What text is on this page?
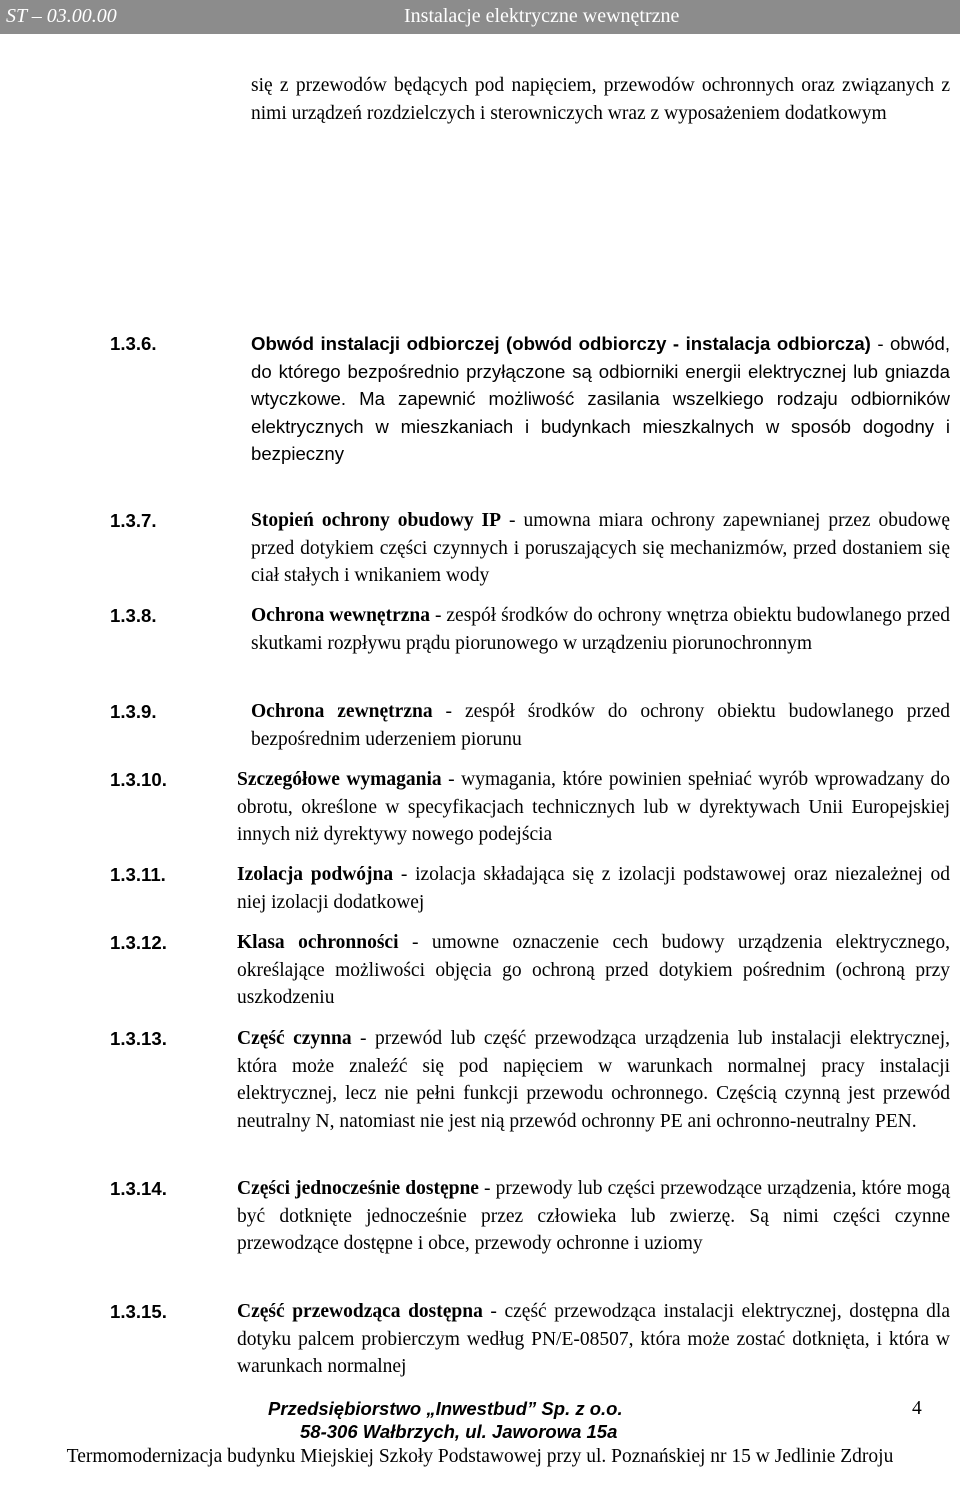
ST – 03.00.00	Instalacje elektryczne wewnętrzne
się z przewodów będących pod napięciem, przewodów ochronnych oraz związanych z nimi urządzeń rozdzielczych i sterowniczych wraz z wyposażeniem dodatkowym
1.3.6.	Obwód instalacji odbiorczej (obwód odbiorczy - instalacja odbiorcza) - obwód, do którego bezpośrednio przyłączone są odbiorniki energii elektrycznej lub gniazda wtyczkowe. Ma zapewnić możliwość zasilania wszelkiego rodzaju odbiorników elektrycznych w mieszkaniach i budynkach mieszkalnych w sposób dogodny i bezpieczny
1.3.7.	Stopień ochrony obudowy IP - umowna miara ochrony zapewnianej przez obudowę przed dotykiem części czynnych i poruszających się mechanizmów, przed dostaniem się ciał stałych i wnikaniem wody
1.3.8.	Ochrona wewnętrzna - zespół środków do ochrony wnętrza obiektu budowlanego przed skutkami rozpływu prądu piorunowego w urządzeniu piorunochronnym
1.3.9.	Ochrona zewnętrzna - zespół środków do ochrony obiektu budowlanego przed bezpośrednim uderzeniem piorunu
1.3.10.	Szczegółowe wymagania - wymagania, które powinien spełniać wyrób wprowadzany do obrotu, określone w specyfikacjach technicznych lub w dyrektywach Unii Europejskiej innych niż dyrektywy nowego podejścia
1.3.11.	Izolacja podwójna - izolacja składająca się z izolacji podstawowej oraz niezależnej od niej izolacji dodatkowej
1.3.12.	Klasa ochronności - umowne oznaczenie cech budowy urządzenia elektrycznego, określające możliwości objęcia go ochroną przed dotykiem pośrednim (ochroną przy uszkodzeniu
1.3.13.	Część czynna - przewód lub część przewodząca urządzenia lub instalacji elektrycznej, która może znaleźć się pod napięciem w warunkach normalnej pracy instalacji elektrycznej, lecz nie pełni funkcji przewodu ochronnego. Częścią czynną jest przewód neutralny N, natomiast nie jest nią przewód ochronny PE ani ochronno-neutralny PEN.
1.3.14.	Części jednocześnie dostępne - przewody lub części przewodzące urządzenia, które mogą być dotknięte jednocześnie przez człowieka lub zwierzę. Są nimi części czynne przewodzące dostępne i obce, przewody ochronne i uziomy
1.3.15.	Część przewodząca dostępna - część przewodząca instalacji elektrycznej, dostępna dla dotyku palcem probierczym według PN/E-08507, która może zostać dotknięta, i która w warunkach normalnej
Przedsiębiorstwo „Inwestbud” Sp. z o.o.
58-306 Wałbrzych, ul. Jaworowa 15a
4
Termomodernizacja budynku Miejskiej Szkoły Podstawowej przy ul. Poznańskiej nr 15 w Jedlinie Zdroju
